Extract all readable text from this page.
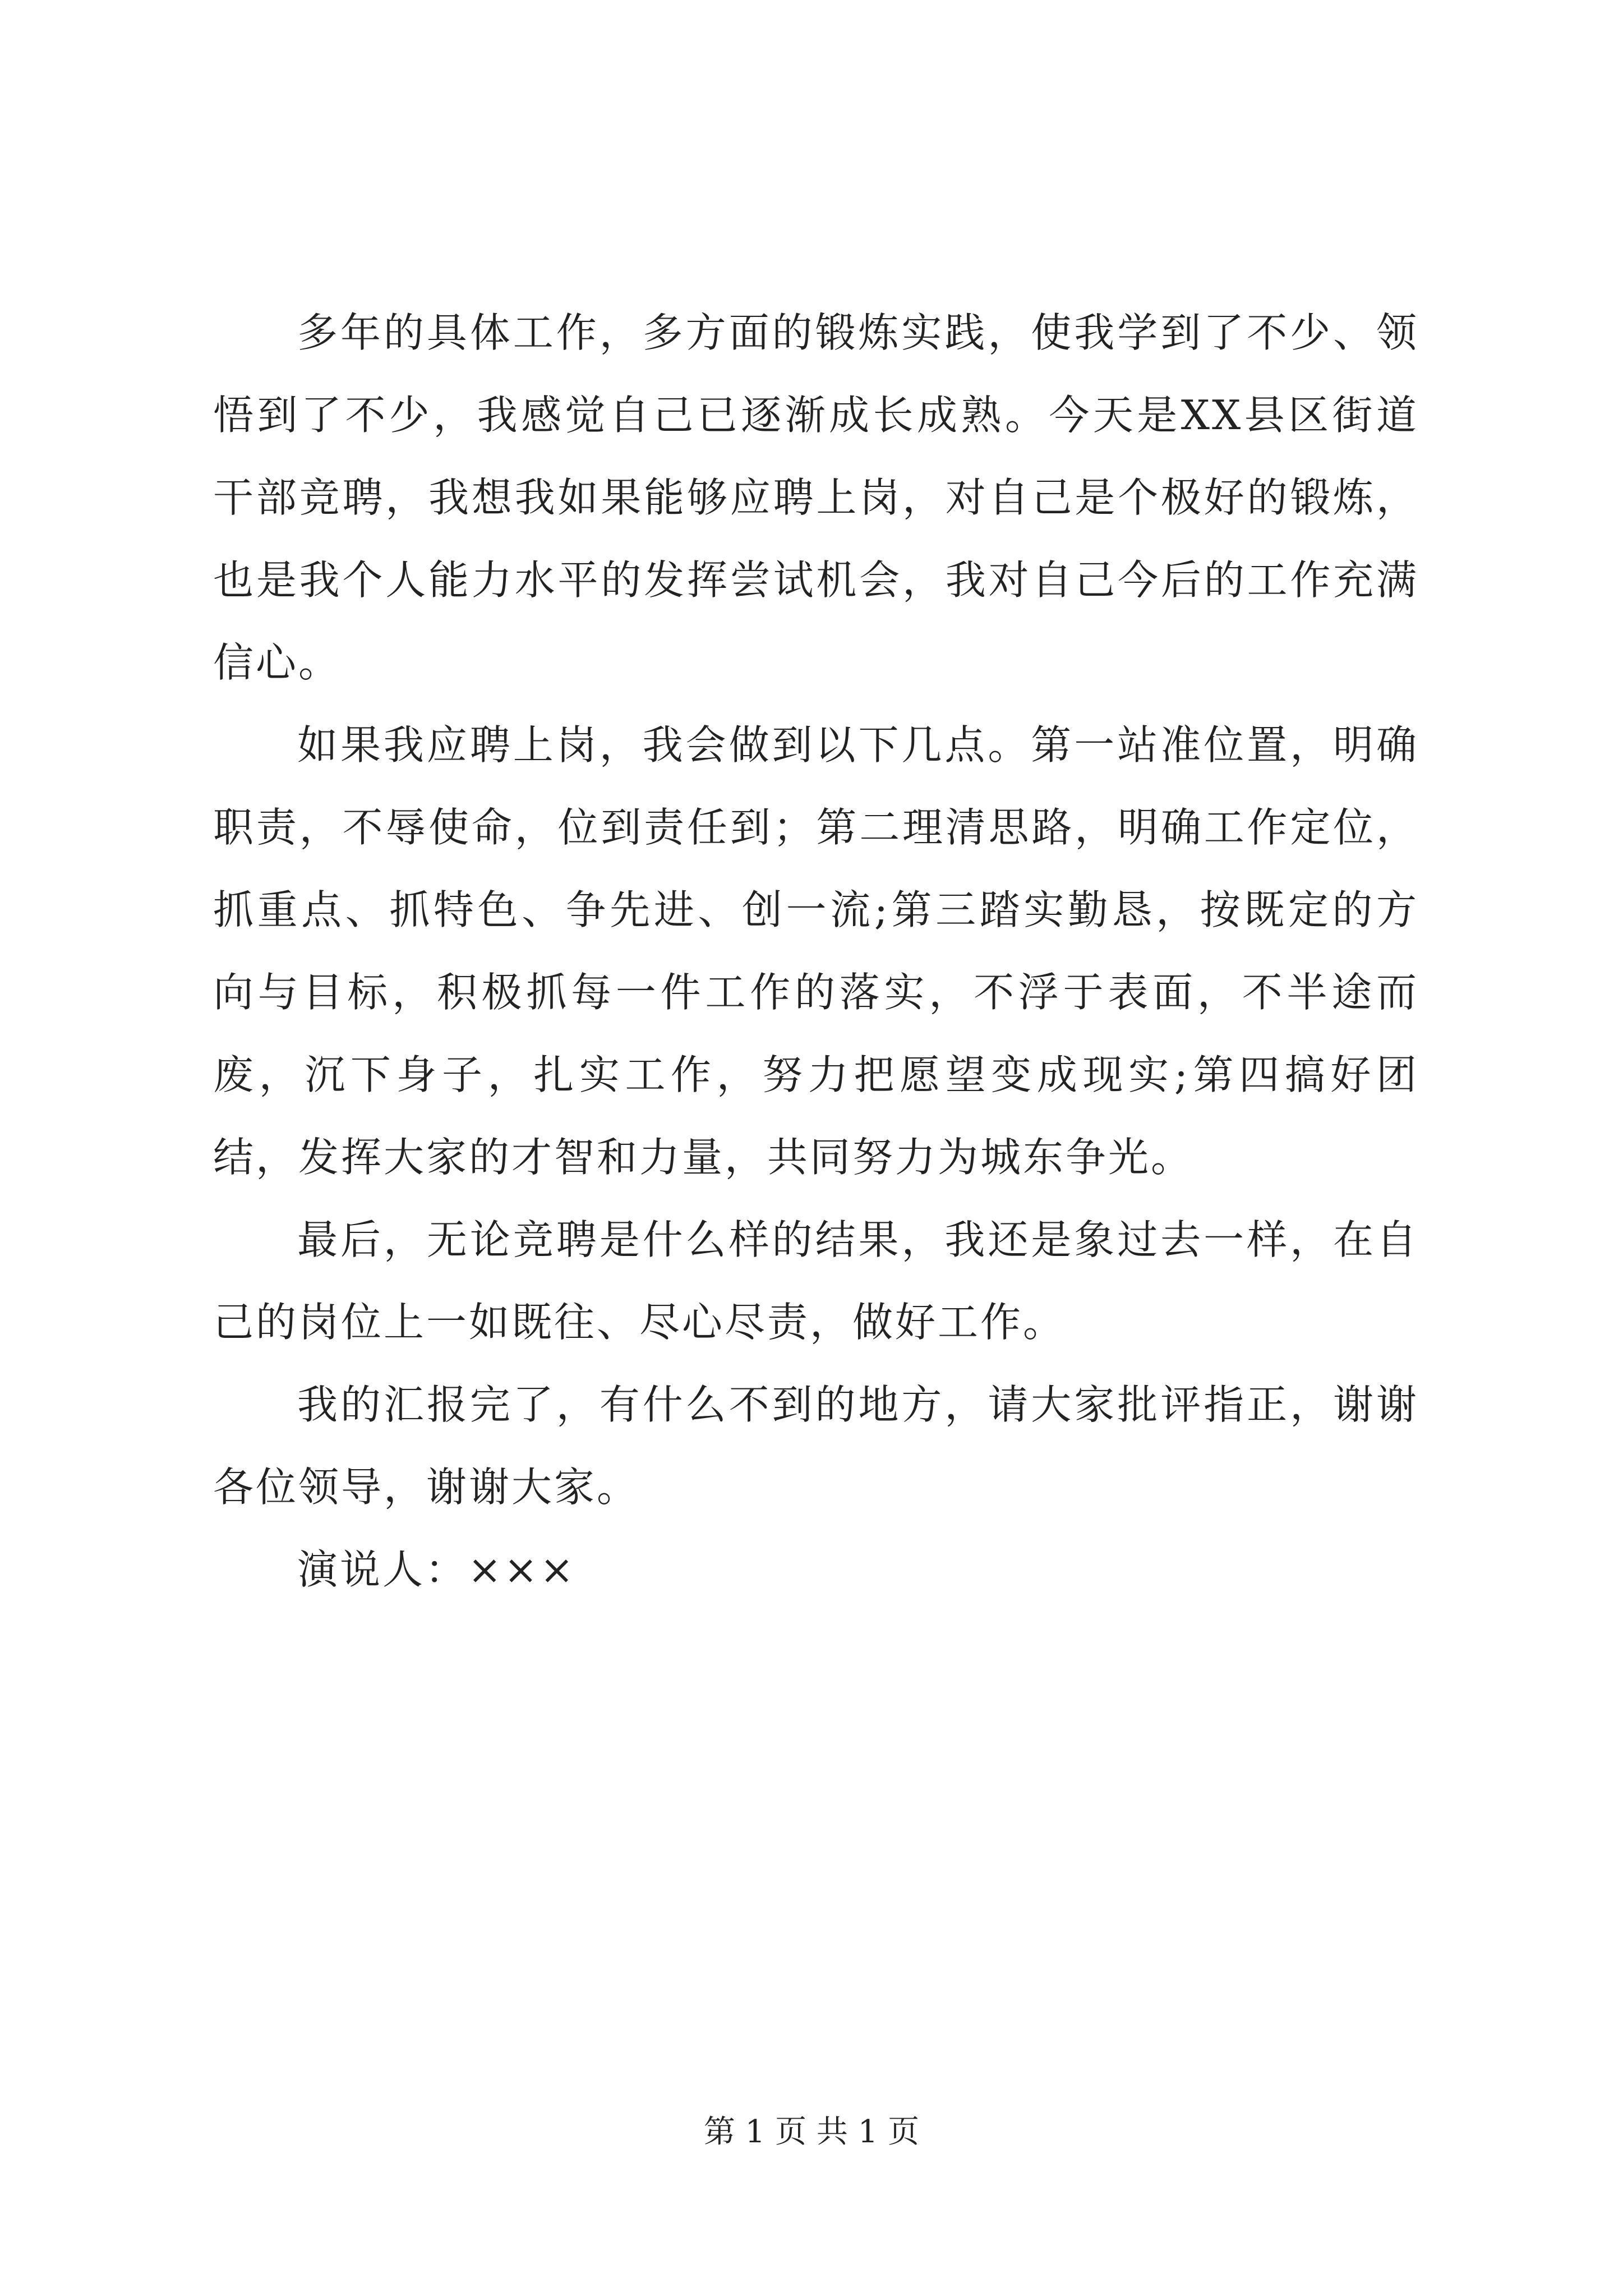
多年的具体工作，多方面的锻炼实践，使我学到了不少、领悟到了不少，我感觉自己已逐渐成长成熟。今天是XX县区街道干部竞聘，我想我如果能够应聘上岗，对自己是个极好的锻炼，也是我个人能力水平的发挥尝试机会，我对自己今后的工作充满信心。

如果我应聘上岗，我会做到以下几点。第一站准位置，明确职责，不辱使命，位到责任到；第二理清思路，明确工作定位，抓重点、抓特色、争先进、创一流;第三踏实勤恳，按既定的方向与目标，积极抓每一件工作的落实，不浮于表面，不半途而废，沉下身子，扎实工作，努力把愿望变成现实;第四搞好团结，发挥大家的才智和力量，共同努力为城东争光。

最后，无论竞聘是什么样的结果，我还是象过去一样，在自己的岗位上一如既往、尽心尽责，做好工作。

我的汇报完了，有什么不到的地方，请大家批评指正，谢谢各位领导，谢谢大家。

演说人：×××

第 1 页 共 1 页
